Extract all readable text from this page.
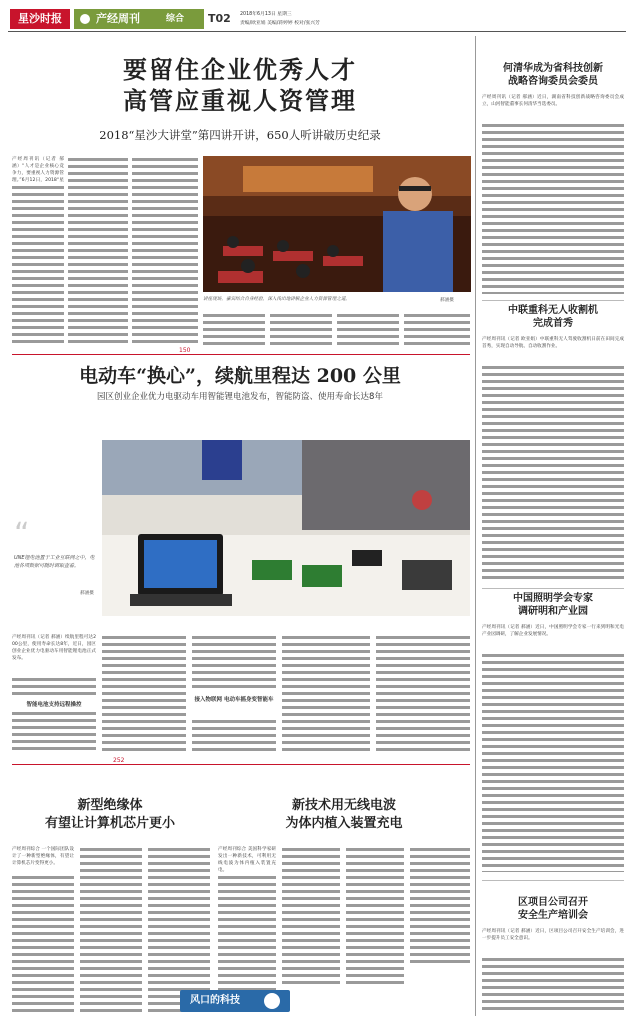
星沙时报	产经周刊	综合 T02	2018年6月13日 星期三
责编/欧亚娟 美编/蒋婷婷 校对/张兴芳
要留住企业优秀人才
高管应重视人资管理
2018“星沙大讲堂”第四讲开讲，650人听讲破历史纪录
产经周刊讯（记者 郝涵）“人才是企业核心竞争力，要重视人力资源管理。”6月12日，2018“星
讲座现场，嘉宾结合自身经验，深入浅出地讲解企业人力资源管理之道。	郝涵摄
150
电动车“换心”，续航里程达 200 公里
园区创业企业优力电驱动车用智能锂电池发布，智能防盗、使用寿命长达8年
“
UNE锂电池置于工业互联网之中，电池各项数据可随时调取查看。
郝涵摄
产经周刊讯（记者 郝涵）续航里程可达200公里，使用寿命长达8年，近日，园区创业企业优力电驱动车用智能锂电池正式发布。
智能电池支持远程操控
接入物联网 电动车摇身变智能车
252
新型绝缘体
有望让计算机芯片更小
产经周刊综合 一个国际团队设计了一种新型绝缘体，有望让计算机芯片变得更小。
新技术用无线电波
为体内植入装置充电
产经周刊综合 美国科学家研发出一种新技术，可利用无线电波为体内植入装置充电。
风口的科技
何清华成为省科技创新
战略咨询委员会委员
产经周刊讯（记者 郝涵）近日，湖南省科技创新战略咨询委员会成立，山河智能董事长何清华当选委员。
中联重科无人收割机
完成首秀
产经周刊讯（记者 欧亚娟）中联重科无人驾驶收割机日前在田间完成首秀，实现自动导航、自动收割作业。
中国照明学会专家
调研明和产业园
产经周刊讯（记者 郝涵）近日，中国照明学会专家一行来到明和光电产业园调研，了解企业发展情况。
区项目公司召开
安全生产培训会
产经周刊讯（记者 郝涵）近日，区项目公司召开安全生产培训会，进一步提升员工安全意识。
